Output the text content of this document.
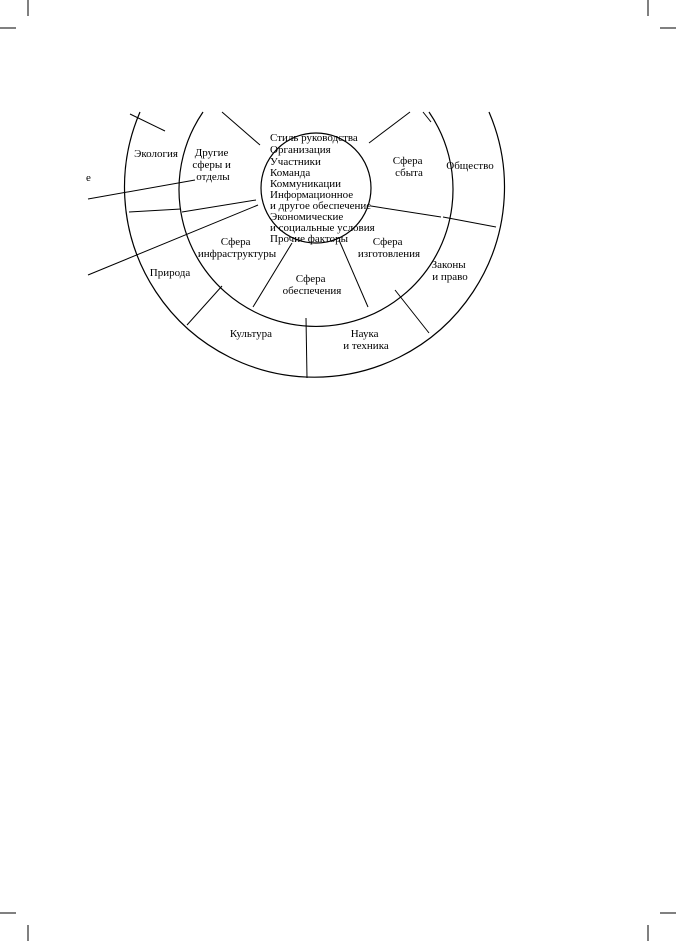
е
Стиль руководства Организация Участники Команда Коммуникации Информационное и другое обеспечение Экономические и социальные условия Прочие факторы
Другие сферы и отделы
Сфера сбыта
Сфера изготовления
Сфера обеспечения
Сфера инфраструктуры
Экология
Общество
Законы и право
Наука и техника
Культура
Природа
